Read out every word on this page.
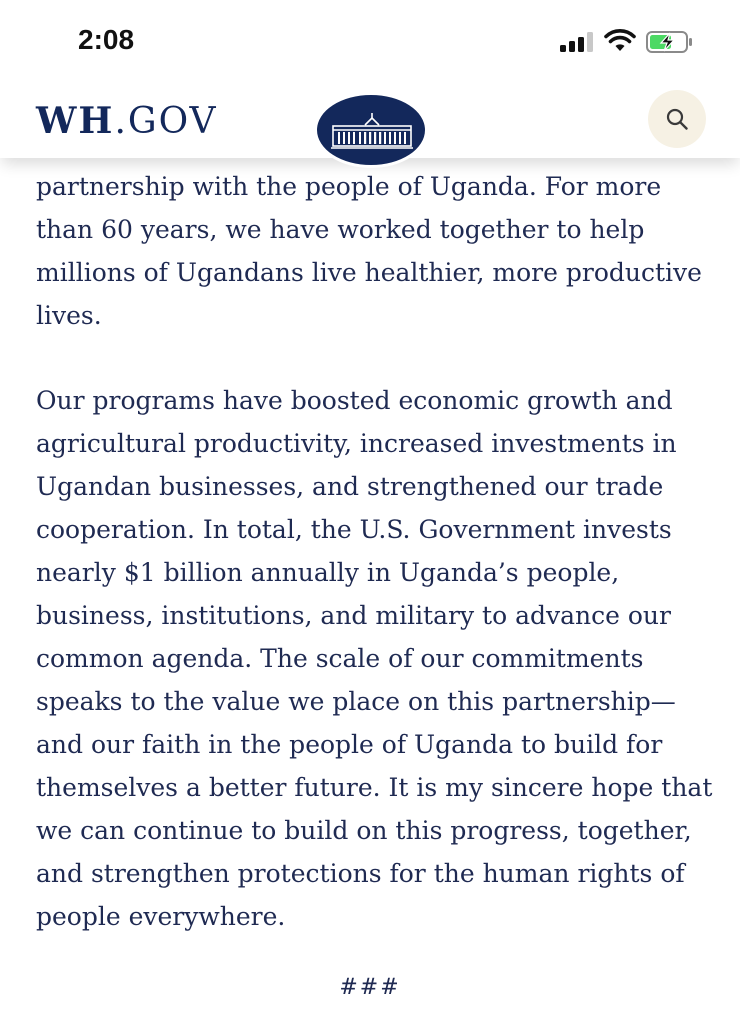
2:08
WH.GOV

partnership with the people of Uganda. For more than 60 years, we have worked together to help millions of Ugandans live healthier, more productive lives.

Our programs have boosted economic growth and agricultural productivity, increased investments in Ugandan businesses, and strengthened our trade cooperation. In total, the U.S. Government invests nearly $1 billion annually in Uganda’s people, business, institutions, and military to advance our common agenda. The scale of our commitments speaks to the value we place on this partnership—and our faith in the people of Uganda to build for themselves a better future. It is my sincere hope that we can continue to build on this progress, together, and strengthen protections for the human rights of people everywhere.

###
